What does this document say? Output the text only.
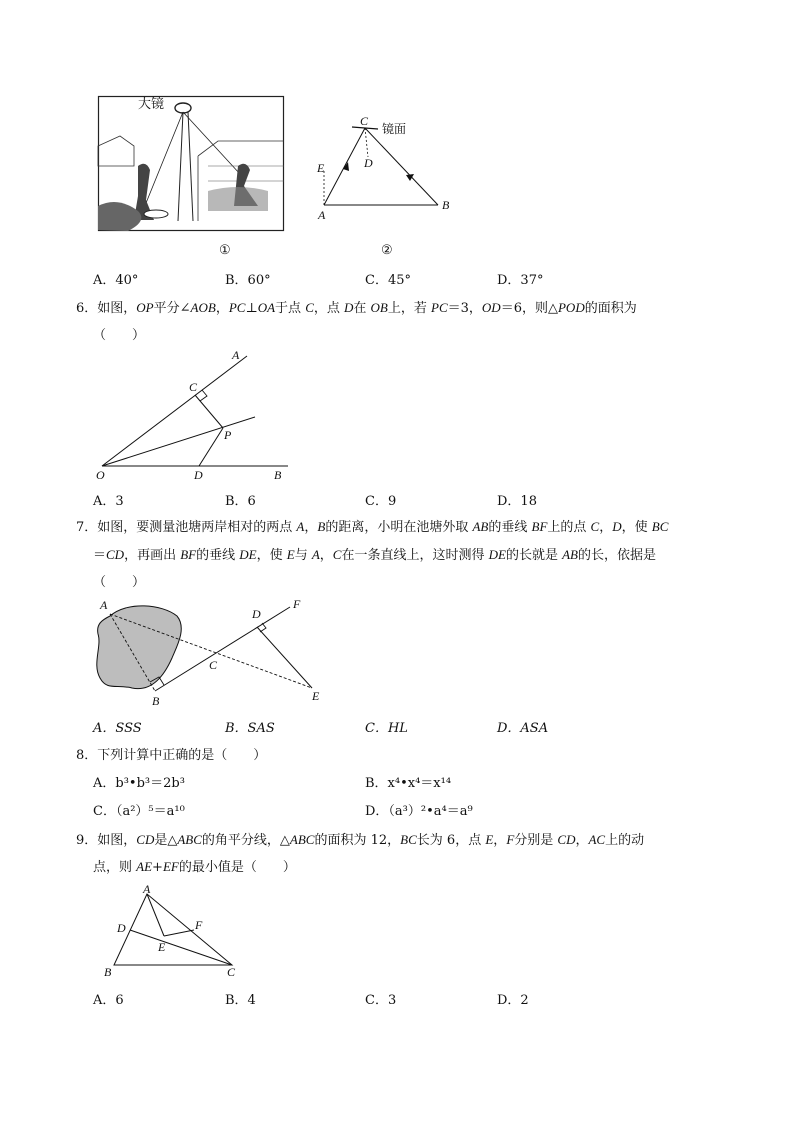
大镜
①
C
镜面
D
E
A
B
②
A．40°	B．60°	C．45°	D．37°
6．如图，OP平分∠AOB，PC⊥OA于点 C，点 D在 OB上，若 PC＝3，OD＝6，则△POD的面积为
（　　）
A
C
P
O	D	B
A．3	B．6	C．9	D．18
7．如图，要测量池塘两岸相对的两点 A，B的距离，小明在池塘外取 AB的垂线 BF上的点 C，D，使 BC
＝CD，再画出 BF的垂线 DE，使 E与 A，C在一条直线上，这时测得 DE的长就是 AB的长，依据是
（　　）
A
B
C
D
F
E
A．SSS	B．SAS	C．HL	D．ASA
8．下列计算中正确的是（　　）
A．b³•b³＝2b³	B．x⁴•x⁴＝x¹⁴
C．（a²）⁵＝a¹⁰	D．（a³）²•a⁴＝a⁹
9．如图，CD是△ABC的角平分线，△ABC的面积为 12，BC长为 6，点 E，F分别是 CD，AC上的动
点，则 AE+EF的最小值是（　　）
A
D	F
E
B	C
A．6	B．4	C．3	D．2
